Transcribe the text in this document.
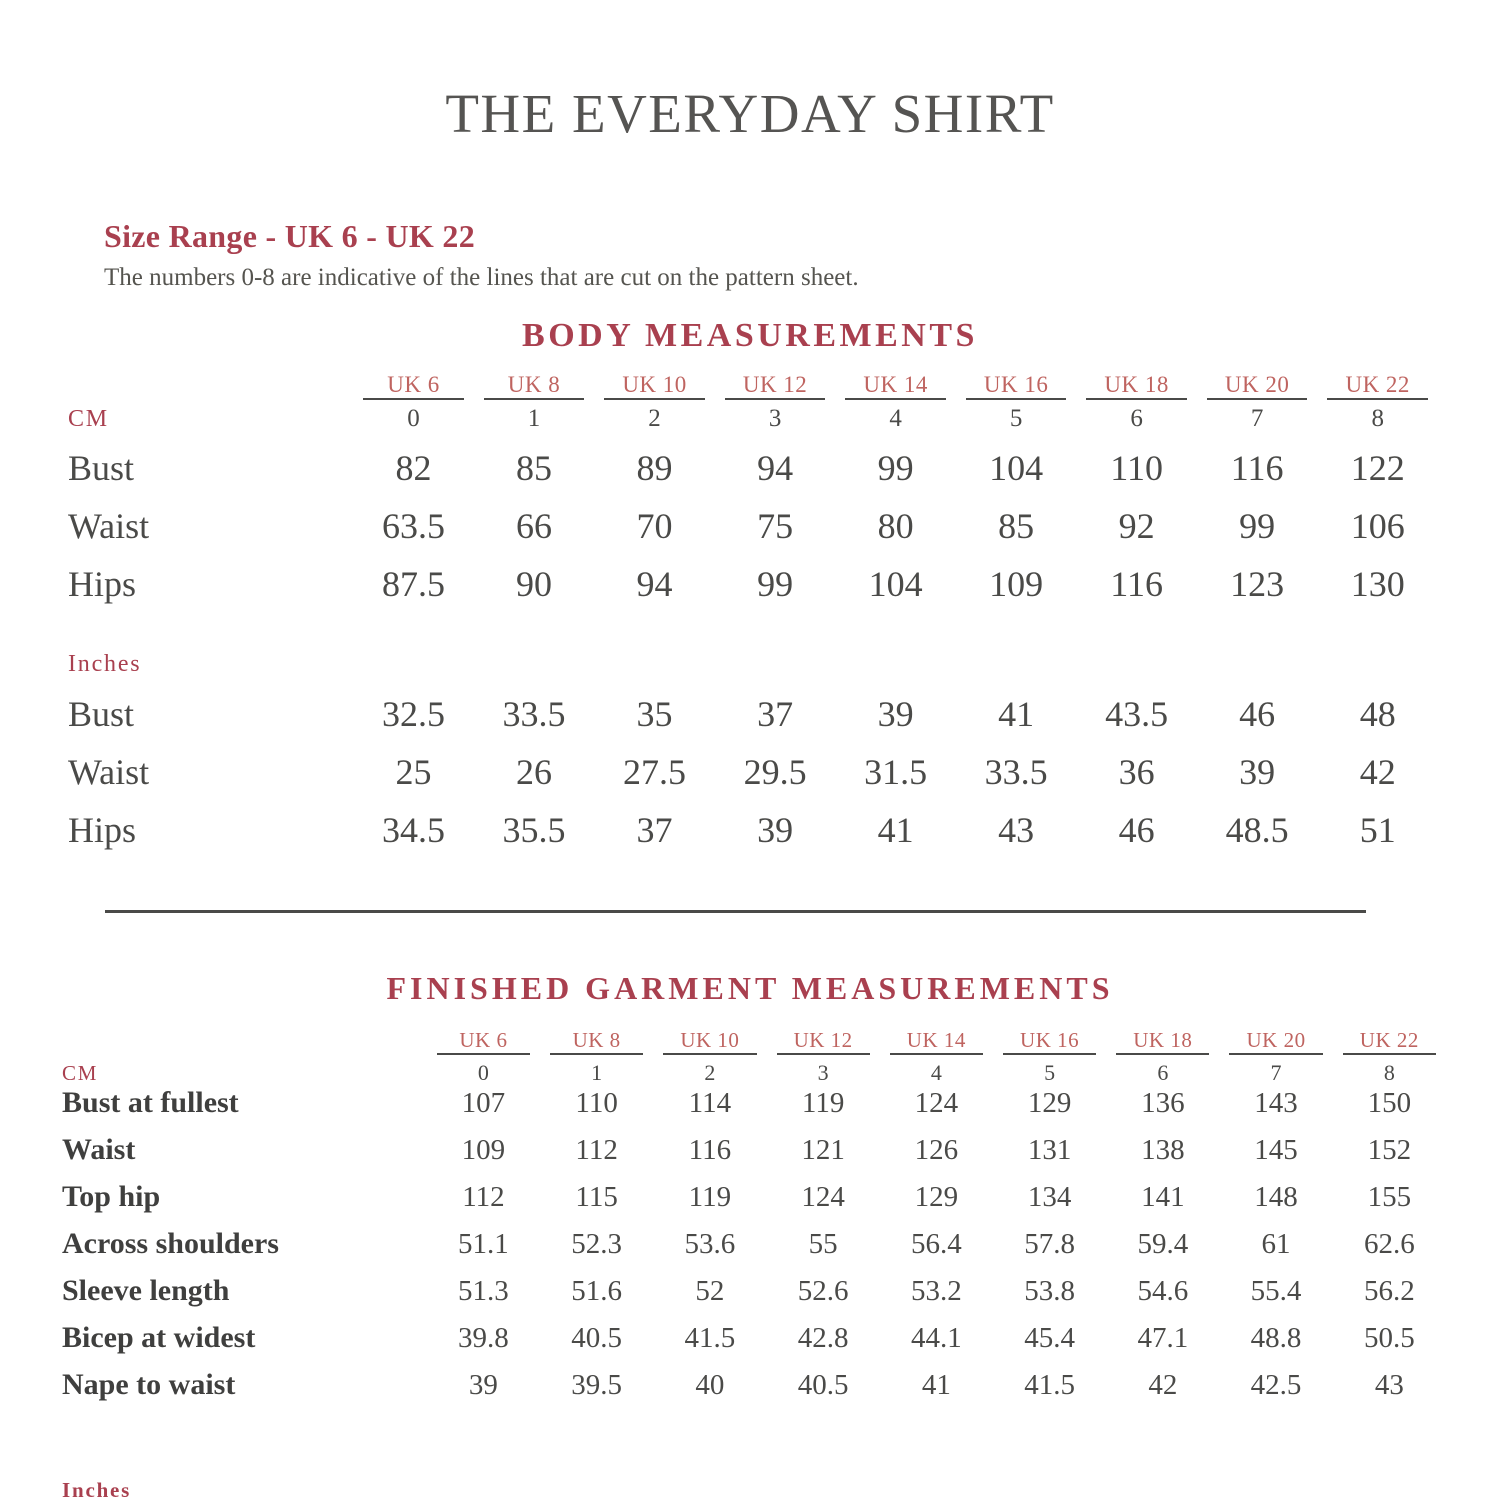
THE EVERYDAY SHIRT
Size Range - UK 6 - UK 22
The numbers 0-8 are indicative of the lines that are cut on the pattern sheet.
BODY MEASUREMENTS
	UK 6	UK 8	UK 10	UK 12	UK 14	UK 16	UK 18	UK 20	UK 22

CM	0	1	2	3	4	5	6	7	8
Bust	82	85	89	94	99	104	110	116	122
Waist	63.5	66	70	75	80	85	92	99	106
Hips	87.5	90	94	99	104	109	116	123	130

Inches									
Bust	32.5	33.5	35	37	39	41	43.5	46	48
Waist	25	26	27.5	29.5	31.5	33.5	36	39	42
Hips	34.5	35.5	37	39	41	43	46	48.5	51
FINISHED GARMENT MEASUREMENTS
	UK 6	UK 8	UK 10	UK 12	UK 14	UK 16	UK 18	UK 20	UK 22

CM	0	1	2	3	4	5	6	7	8
Bust at fullest	107	110	114	119	124	129	136	143	150
Waist	109	112	116	121	126	131	138	145	152
Top hip	112	115	119	124	129	134	141	148	155
Across shoulders	51.1	52.3	53.6	55	56.4	57.8	59.4	61	62.6
Sleeve length	51.3	51.6	52	52.6	53.2	53.8	54.6	55.4	56.2
Bicep at widest	39.8	40.5	41.5	42.8	44.1	45.4	47.1	48.8	50.5
Nape to waist	39	39.5	40	40.5	41	41.5	42	42.5	43
Inches
